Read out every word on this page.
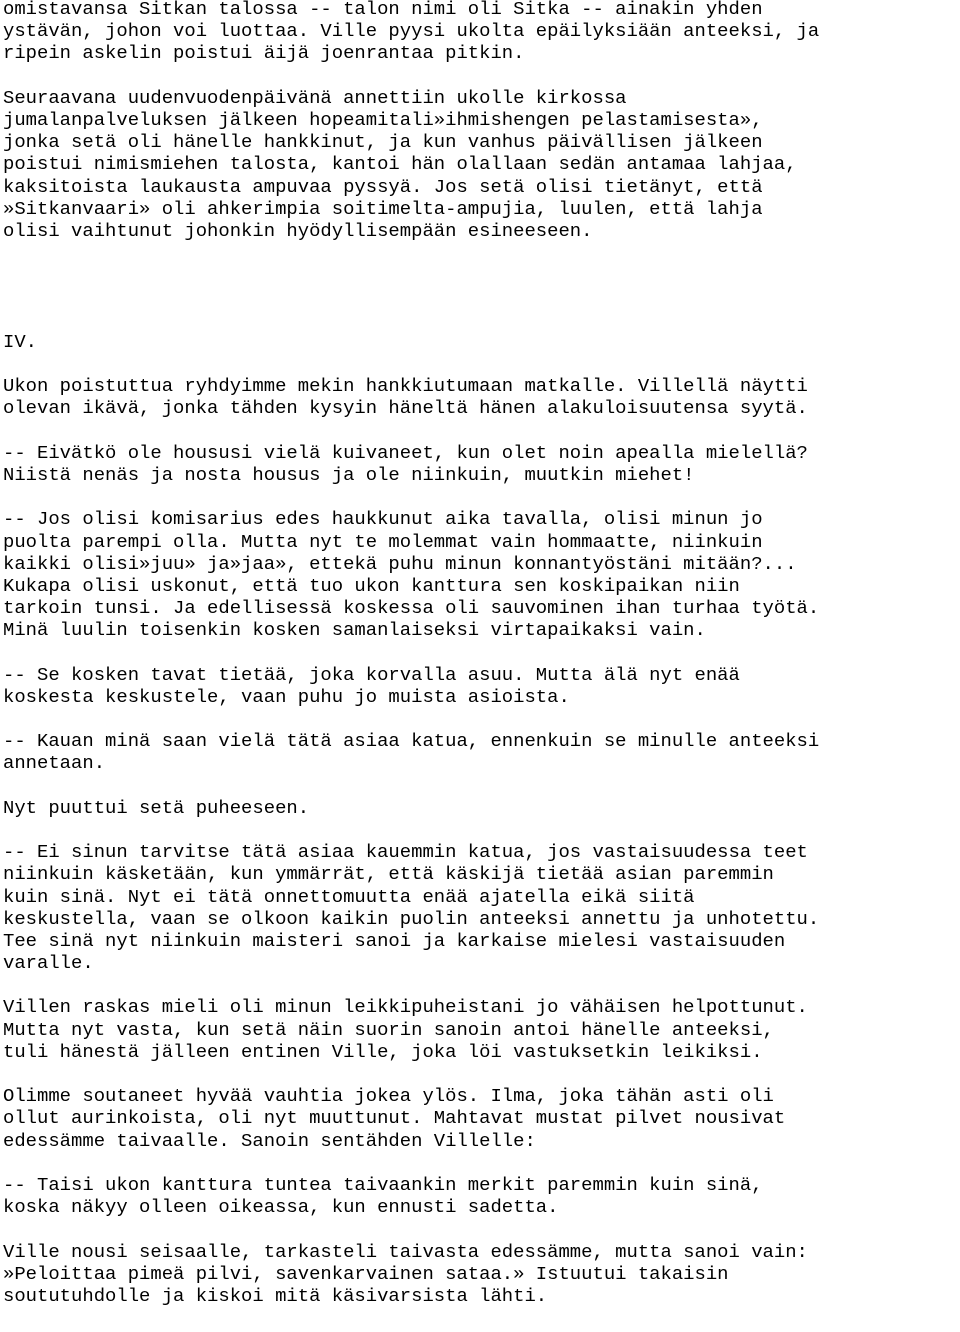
omistavansa Sitkan talossa -- talon nimi oli Sitka -- ainakin yhden
ystävän, johon voi luottaa. Ville pyysi ukolta epäilyksiään anteeksi, ja
ripein askelin poistui äijä joenrantaa pitkin.
Seuraavana uudenvuodenpäivänä annettiin ukolle kirkossa
jumalanpalveluksen jälkeen hopeamitali»ihmishengen pelastamisesta»,
jonka setä oli hänelle hankkinut, ja kun vanhus päivällisen jälkeen
poistui nimismiehen talosta, kantoi hän olallaan sedän antamaa lahjaa,
kaksitoista laukausta ampuvaa pyssyä. Jos setä olisi tietänyt, että
»Sitkanvaari» oli ahkerimpia soitimelta-ampujia, luulen, että lahja
olisi vaihtunut johonkin hyödyllisempään esineeseen.
IV.
Ukon poistuttua ryhdyimme mekin hankkiutumaan matkalle. Villellä näytti
olevan ikävä, jonka tähden kysyin häneltä hänen alakuloisuutensa syytä.
-- Eivätkö ole housusi vielä kuivaneet, kun olet noin apealla mielellä?
Niistä nenäs ja nosta housus ja ole niinkuin, muutkin miehet!
-- Jos olisi komisarius edes haukkunut aika tavalla, olisi minun jo
puolta parempi olla. Mutta nyt te molemmat vain hommaatte, niinkuin
kaikki olisi»juu» ja»jaa», ettekä puhu minun konnantyöstäni mitään?...
Kukapa olisi uskonut, että tuo ukon kanttura sen koskipaikan niin
tarkoin tunsi. Ja edellisessä koskessa oli sauvominen ihan turhaa työtä.
Minä luulin toisenkin kosken samanlaiseksi virtapaikaksi vain.
-- Se kosken tavat tietää, joka korvalla asuu. Mutta älä nyt enää
koskesta keskustele, vaan puhu jo muista asioista.
-- Kauan minä saan vielä tätä asiaa katua, ennenkuin se minulle anteeksi
annetaan.
Nyt puuttui setä puheeseen.
-- Ei sinun tarvitse tätä asiaa kauemmin katua, jos vastaisuudessa teet
niinkuin käsketään, kun ymmärrät, että käskijä tietää asian paremmin
kuin sinä. Nyt ei tätä onnettomuutta enää ajatella eikä siitä
keskustella, vaan se olkoon kaikin puolin anteeksi annettu ja unhotettu.
Tee sinä nyt niinkuin maisteri sanoi ja karkaise mielesi vastaisuuden
varalle.
Villen raskas mieli oli minun leikkipuheistani jo vähäisen helpottunut.
Mutta nyt vasta, kun setä näin suorin sanoin antoi hänelle anteeksi,
tuli hänestä jälleen entinen Ville, joka löi vastuksetkin leikiksi.
Olimme soutaneet hyvää vauhtia jokea ylös. Ilma, joka tähän asti oli
ollut aurinkoista, oli nyt muuttunut. Mahtavat mustat pilvet nousivat
edessämme taivaalle. Sanoin sentähden Villelle:
-- Taisi ukon kanttura tuntea taivaankin merkit paremmin kuin sinä,
koska näkyy olleen oikeassa, kun ennusti sadetta.
Ville nousi seisaalle, tarkasteli taivasta edessämme, mutta sanoi vain:
»Peloittaa pimeä pilvi, savenkarvainen sataa.» Istuutui takaisin
soututuhdolle ja kiskoi mitä käsivarsista lähti.
